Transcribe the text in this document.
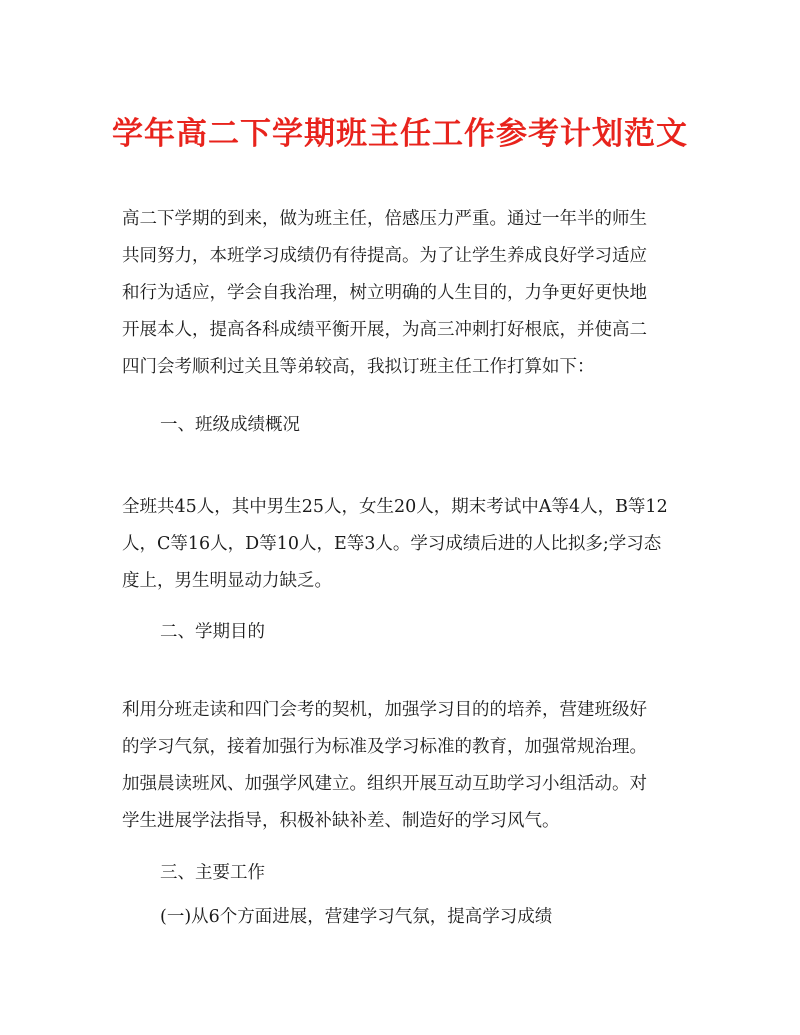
学年高二下学期班主任工作参考计划范文
高二下学期的到来，做为班主任，倍感压力严重。通过一年半的师生
共同努力，本班学习成绩仍有待提高。为了让学生养成良好学习适应
和行为适应，学会自我治理，树立明确的人生目的，力争更好更快地
开展本人，提高各科成绩平衡开展，为高三冲刺打好根底，并使高二
四门会考顺利过关且等弟较高，我拟订班主任工作打算如下：
一、班级成绩概况
全班共45人，其中男生25人，女生20人，期末考试中A等4人，B等12
人，C等16人，D等10人，E等3人。学习成绩后进的人比拟多;学习态
度上，男生明显动力缺乏。
二、学期目的
利用分班走读和四门会考的契机，加强学习目的的培养，营建班级好
的学习气氛，接着加强行为标准及学习标准的教育，加强常规治理。
加强晨读班风、加强学风建立。组织开展互动互助学习小组活动。对
学生进展学法指导，积极补缺补差、制造好的学习风气。
三、主要工作
(一)从6个方面进展，营建学习气氛，提高学习成绩
